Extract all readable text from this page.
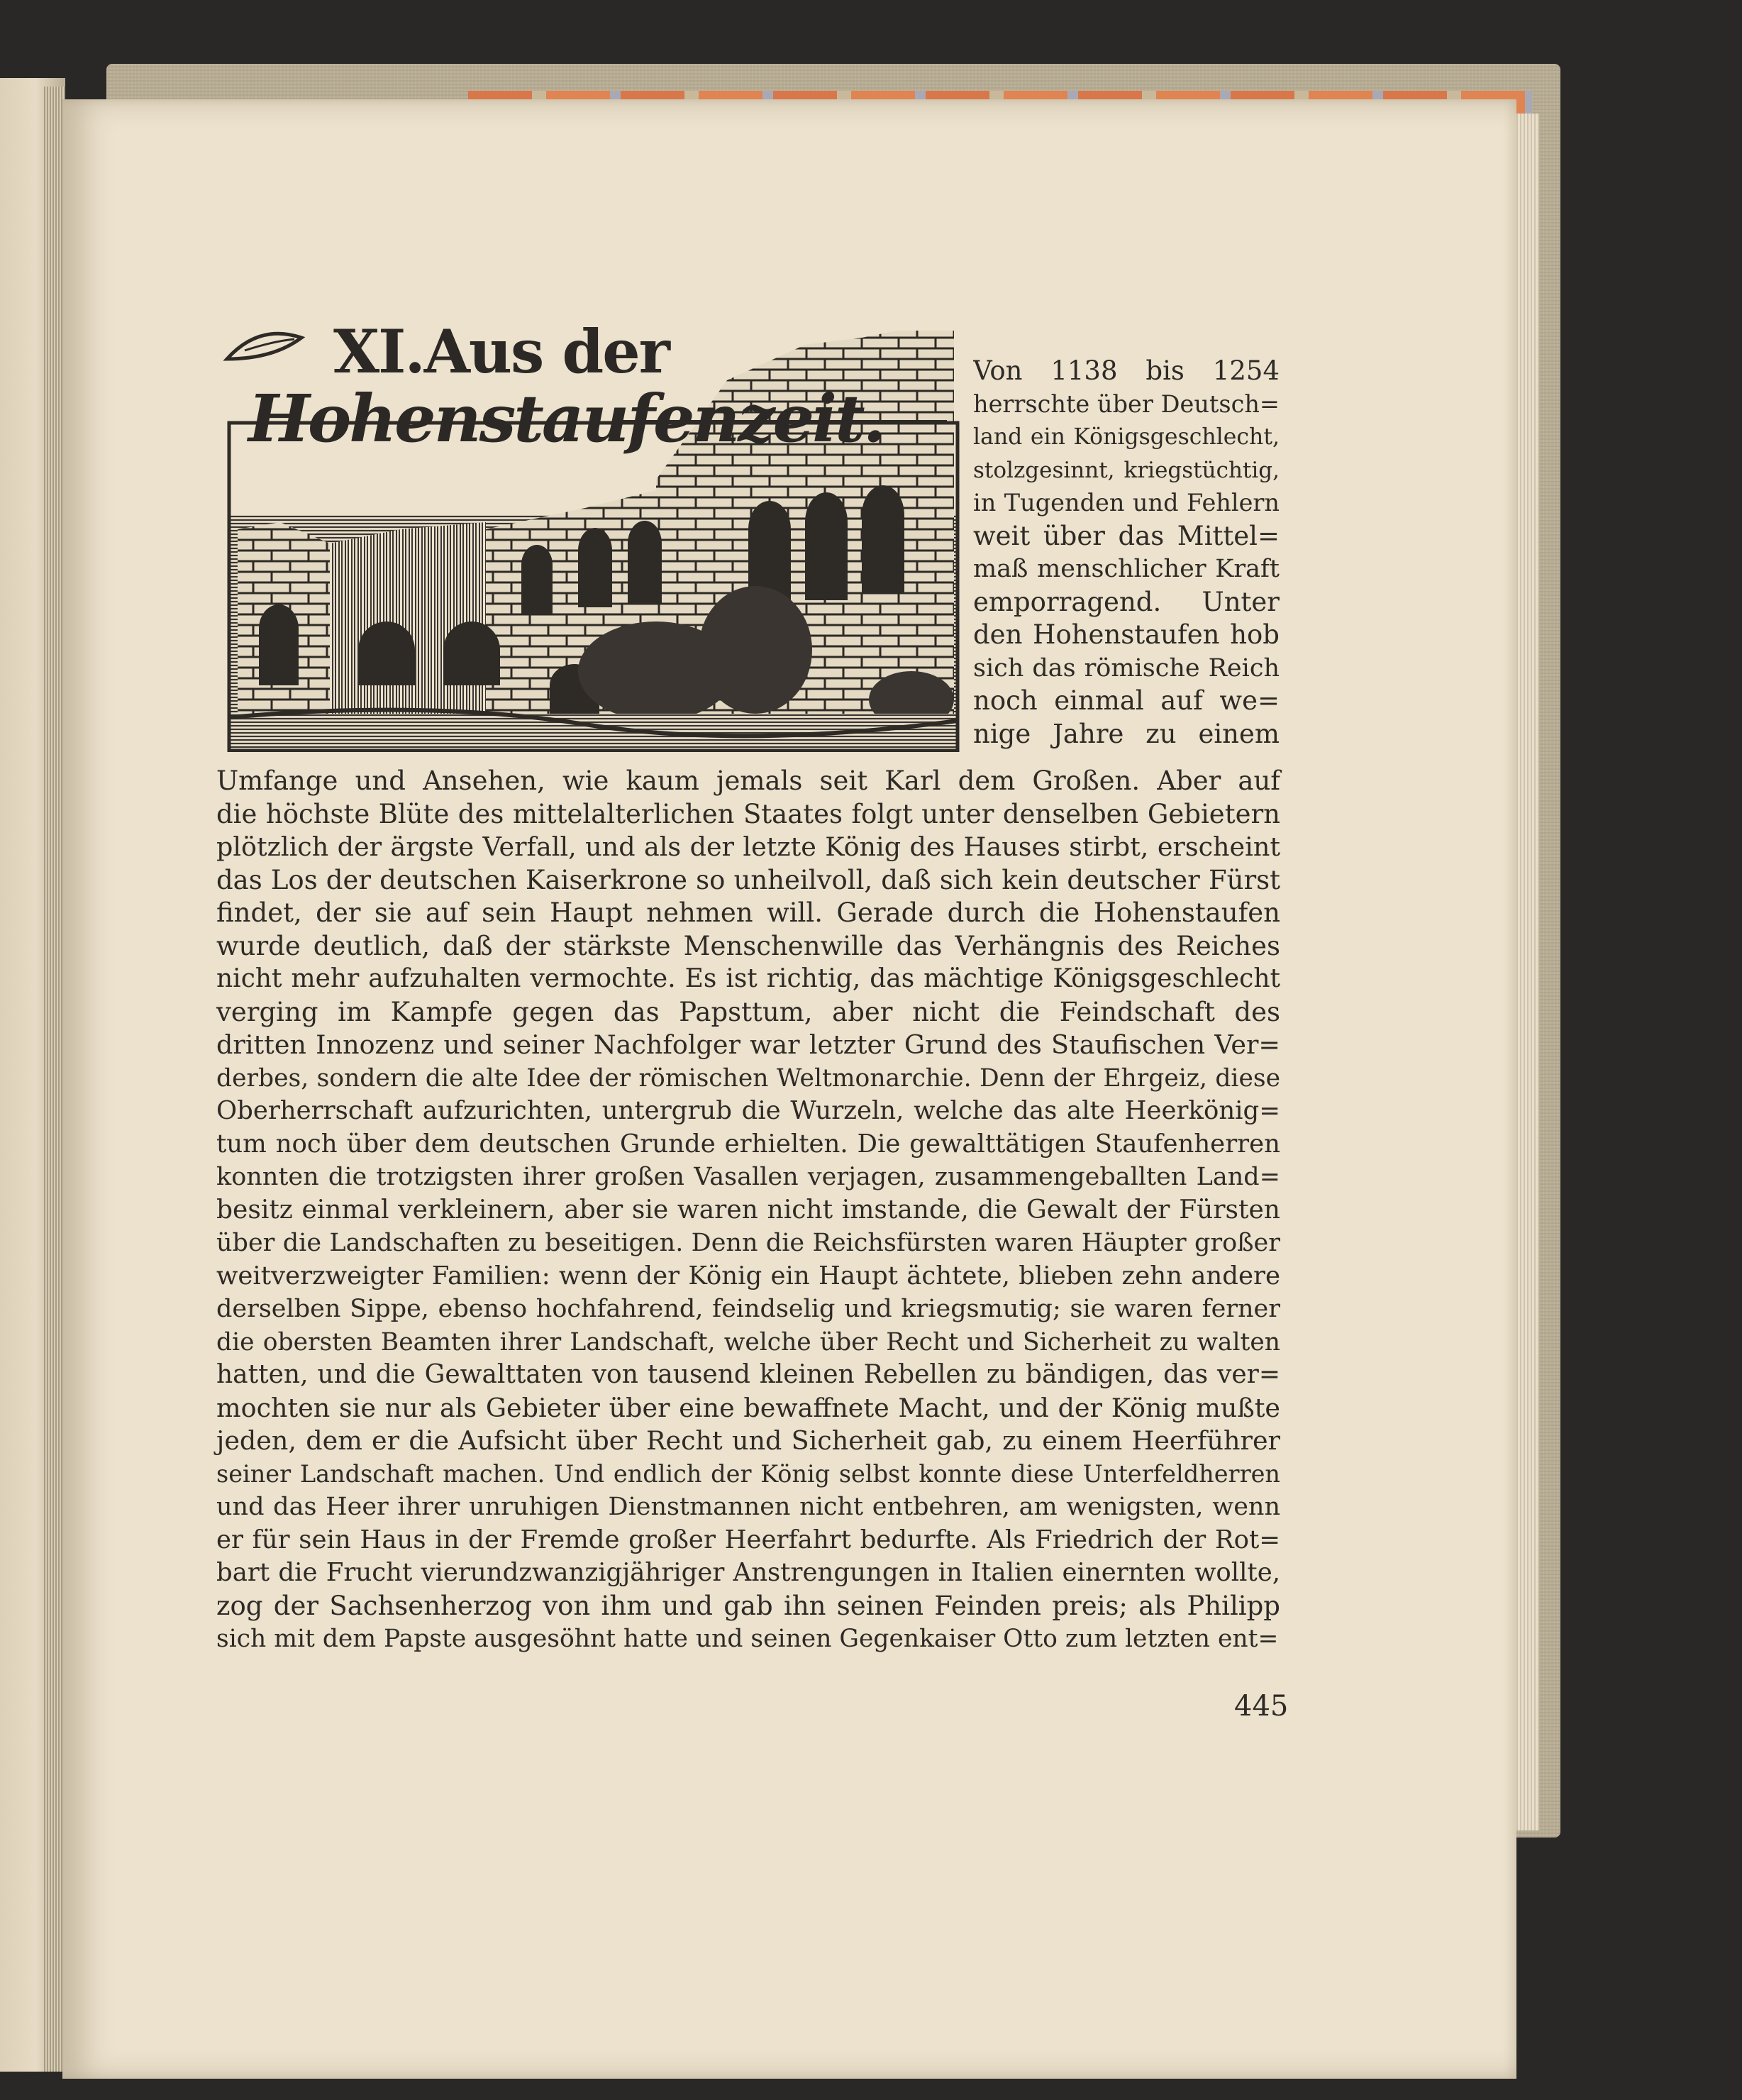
XI.Aus der
Hohenstaufenzeit.
Von 1138 bis 1254
herrschte über Deutsch=
land ein Königsgeschlecht,
stolzgesinnt, kriegstüchtig,
in Tugenden und Fehlern
weit über das Mittel=
maß menschlicher Kraft
emporragend. Unter
den Hohenstaufen hob
sich das römische Reich
noch einmal auf we=
nige Jahre zu einem
Umfange und Ansehen, wie kaum jemals seit Karl dem Großen. Aber auf
die höchste Blüte des mittelalterlichen Staates folgt unter denselben Gebietern
plötzlich der ärgste Verfall, und als der letzte König des Hauses stirbt, erscheint
das Los der deutschen Kaiserkrone so unheilvoll, daß sich kein deutscher Fürst
findet, der sie auf sein Haupt nehmen will. Gerade durch die Hohenstaufen
wurde deutlich, daß der stärkste Menschenwille das Verhängnis des Reiches
nicht mehr aufzuhalten vermochte. Es ist richtig, das mächtige Königsgeschlecht
verging im Kampfe gegen das Papsttum, aber nicht die Feindschaft des
dritten Innozenz und seiner Nachfolger war letzter Grund des Staufischen Ver=
derbes, sondern die alte Idee der römischen Weltmonarchie. Denn der Ehrgeiz, diese
Oberherrschaft aufzurichten, untergrub die Wurzeln, welche das alte Heerkönig=
tum noch über dem deutschen Grunde erhielten. Die gewalttätigen Staufenherren
konnten die trotzigsten ihrer großen Vasallen verjagen, zusammengeballten Land=
besitz einmal verkleinern, aber sie waren nicht imstande, die Gewalt der Fürsten
über die Landschaften zu beseitigen. Denn die Reichsfürsten waren Häupter großer
weitverzweigter Familien: wenn der König ein Haupt ächtete, blieben zehn andere
derselben Sippe, ebenso hochfahrend, feindselig und kriegsmutig; sie waren ferner
die obersten Beamten ihrer Landschaft, welche über Recht und Sicherheit zu walten
hatten, und die Gewalttaten von tausend kleinen Rebellen zu bändigen, das ver=
mochten sie nur als Gebieter über eine bewaffnete Macht, und der König mußte
jeden, dem er die Aufsicht über Recht und Sicherheit gab, zu einem Heerführer
seiner Landschaft machen. Und endlich der König selbst konnte diese Unterfeldherren
und das Heer ihrer unruhigen Dienstmannen nicht entbehren, am wenigsten, wenn
er für sein Haus in der Fremde großer Heerfahrt bedurfte. Als Friedrich der Rot=
bart die Frucht vierundzwanzigjähriger Anstrengungen in Italien einernten wollte,
zog der Sachsenherzog von ihm und gab ihn seinen Feinden preis; als Philipp
sich mit dem Papste ausgesöhnt hatte und seinen Gegenkaiser Otto zum letzten ent=
445
